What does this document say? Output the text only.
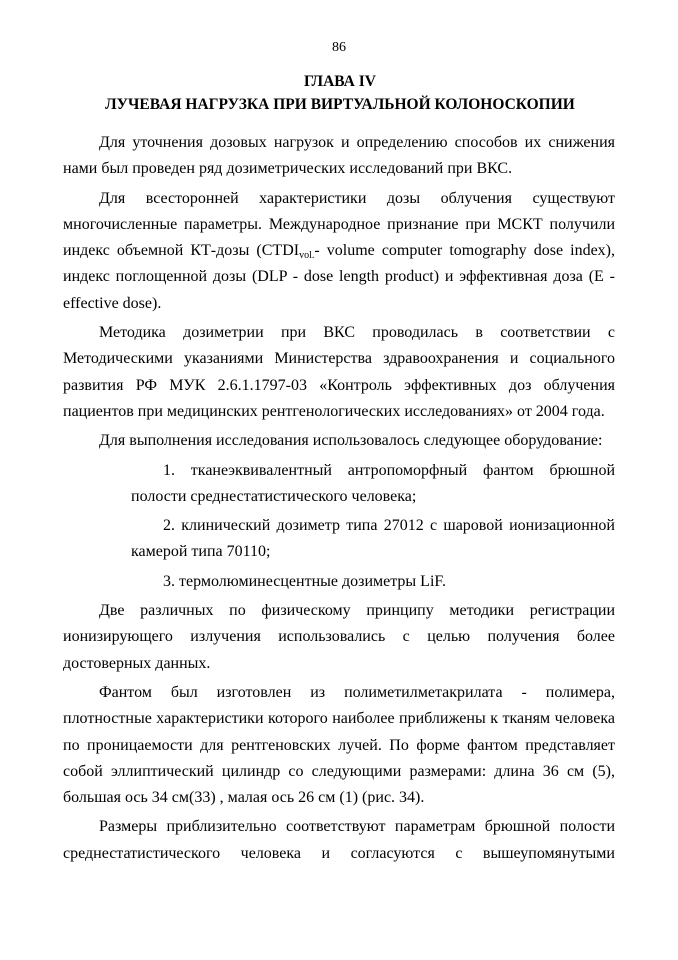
86

ГЛАВА IV
ЛУЧЕВАЯ НАГРУЗКА ПРИ ВИРТУАЛЬНОЙ КОЛОНОСКОПИИ

Для уточнения дозовых нагрузок и определению способов их снижения нами был проведен ряд дозиметрических исследований при ВКС.

Для всесторонней характеристики дозы облучения существуют многочисленные параметры. Международное признание при МСКТ получили индекс объемной КТ-дозы ($CTDI_{vol.}-$ volume computer tomography dose index), индекс поглощенной дозы (DLP - dose length product) и эффективная доза (E - effective dose).

Методика дозиметрии при ВКС проводилась в соответствии с Методическими указаниями Министерства здравоохранения и социального развития РФ МУК 2.6.1.1797-03 «Контроль эффективных доз облучения пациентов при медицинских рентгенологических исследованиях» от 2004 года.

Для выполнения исследования использовалось следующее оборудование:

1. тканеэквивалентный антропоморфный фантом брюшной
полости среднестатистического человека;
2. клинический дозиметр типа 27012 с шаровой ионизационной
камерой типа 70110;
3. термолюминесцентные дозиметры LiF.

Две различных по физическому принципу методики регистрации ионизирующего излучения использовались с целью получения более достоверных данных.

Фантом был изготовлен из полиметилметакрилата - полимера, плотностные характеристики которого наиболее приближены к тканям человека по проницаемости для рентгеновских лучей. По форме фантом представляет собой эллиптический цилиндр со следующими размерами: длина 36 см (5), большая ось 34 см(33) , малая ось 26 см (1) (рис. 34).

Размеры приблизительно соответствуют параметрам брюшной полости среднестатистического человека и согласуются с вышеупомянутыми
